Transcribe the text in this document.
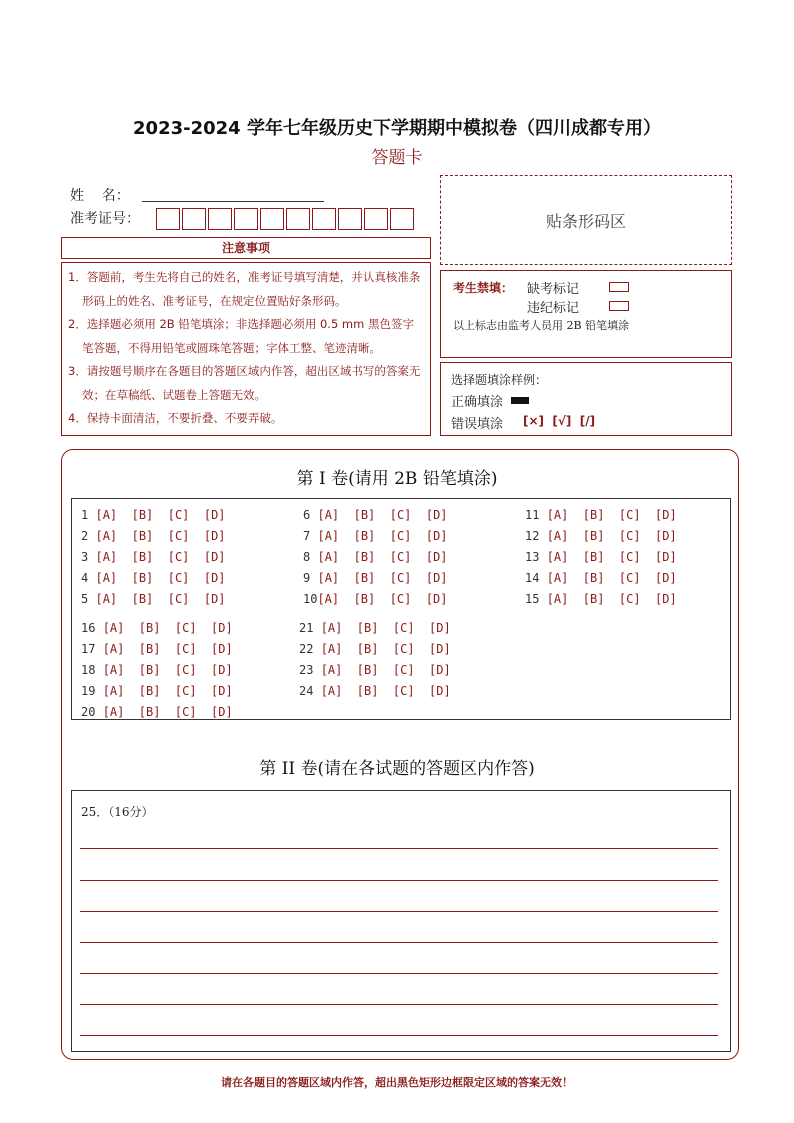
2023-2024 学年七年级历史下学期期中模拟卷（四川成都专用）
答题卡
姓    名：
准考证号：	贴条形码区
注意事项
1．答题前，考生先将自己的姓名，准考证号填写清楚，并认真核准条形码上的姓名、准考证号，在规定位置贴好条形码。
2．选择题必须用 2B 铅笔填涂；非选择题必须用 0.5 mm 黑色签字笔答题，不得用铅笔或圆珠笔答题；字体工整、笔迹清晰。
3．请按题号顺序在各题目的答题区域内作答，超出区域书写的答案无效；在草稿纸、试题卷上答题无效。
4．保持卡面清洁，不要折叠、不要弄破。
考生禁填： 缺考标记
违纪标记
以上标志由监考人员用 2B 铅笔填涂
选择题填涂样例：
正确填涂
错误填涂 [×]  [√]  [/]
第 I 卷(请用 2B 铅笔填涂)
1 [A]  [B]  [C]  [D]
2 [A]  [B]  [C]  [D]
3 [A]  [B]  [C]  [D]
4 [A]  [B]  [C]  [D]
5 [A]  [B]  [C]  [D]
6 [A]  [B]  [C]  [D]
7 [A]  [B]  [C]  [D]
8 [A]  [B]  [C]  [D]
9 [A]  [B]  [C]  [D]
10[A]  [B]  [C]  [D]
11 [A]  [B]  [C]  [D]
12 [A]  [B]  [C]  [D]
13 [A]  [B]  [C]  [D]
14 [A]  [B]  [C]  [D]
15 [A]  [B]  [C]  [D]
16 [A]  [B]  [C]  [D]
17 [A]  [B]  [C]  [D]
18 [A]  [B]  [C]  [D]
19 [A]  [B]  [C]  [D]
20 [A]  [B]  [C]  [D]
21 [A]  [B]  [C]  [D]
22 [A]  [B]  [C]  [D]
23 [A]  [B]  [C]  [D]
24 [A]  [B]  [C]  [D]
第 II 卷(请在各试题的答题区内作答)
25．（16分）
请在各题目的答题区域内作答，超出黑色矩形边框限定区域的答案无效！
